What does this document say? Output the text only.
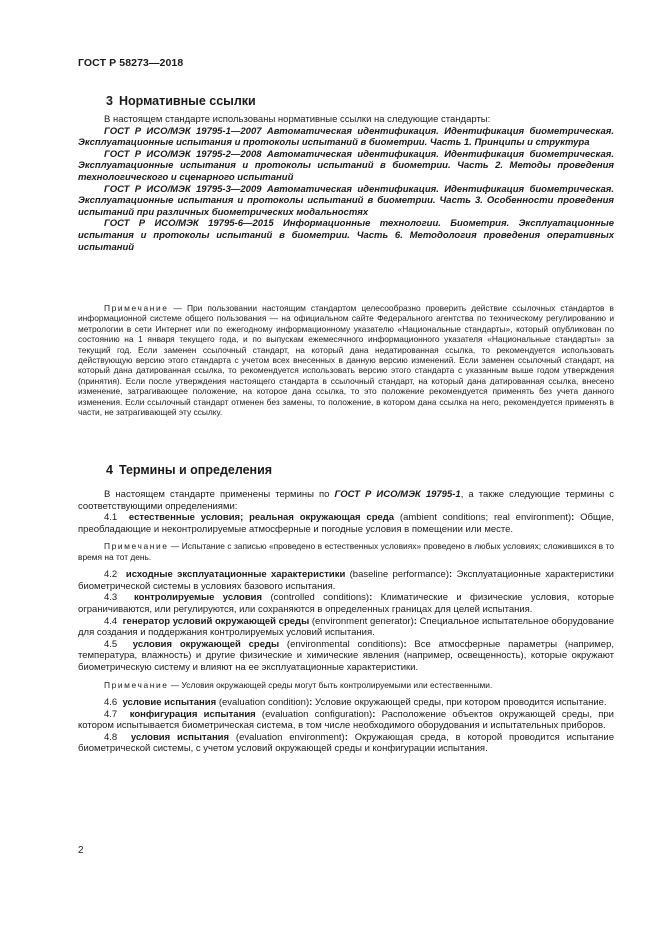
ГОСТ Р 58273—2018
3 Нормативные ссылки

В настоящем стандарте использованы нормативные ссылки на следующие стандарты:

ГОСТ Р ИСО/МЭК 19795-1—2007 Автоматическая идентификация. Идентификация биометрическая. Эксплуатационные испытания и протоколы испытаний в биометрии. Часть 1. Принципы и структура

ГОСТ Р ИСО/МЭК 19795-2—2008 Автоматическая идентификация. Идентификация биометрическая. Эксплуатационные испытания и протоколы испытаний в биометрии. Часть 2. Методы проведения технологического и сценарного испытаний

ГОСТ Р ИСО/МЭК 19795-3—2009 Автоматическая идентификация. Идентификация биометрическая. Эксплуатационные испытания и протоколы испытаний в биометрии. Часть 3. Особенности проведения испытаний при различных биометрических модальностях

ГОСТ Р ИСО/МЭК 19795-6—2015 Информационные технологии. Биометрия. Эксплуатационные испытания и протоколы испытаний в биометрии. Часть 6. Методология проведения оперативных испытаний

Примечание — При пользовании настоящим стандартом целесообразно проверить действие ссылочных стандартов в информационной системе общего пользования — на официальном сайте Федерального агентства по техническому регулированию и метрологии в сети Интернет или по ежегодному информационному указателю «Национальные стандарты», который опубликован по состоянию на 1 января текущего года, и по выпускам ежемесячного информационного указателя «Национальные стандарты» за текущий год. Если заменен ссылочный стандарт, на который дана недатированная ссылка, то рекомендуется использовать действующую версию этого стандарта с учетом всех внесенных в данную версию изменений. Если заменен ссылочный стандарт, на который дана датированная ссылка, то рекомендуется использовать версию этого стандарта с указанным выше годом утверждения (принятия). Если после утверждения настоящего стандарта в ссылочный стандарт, на который дана датированная ссылка, внесено изменение, затрагивающее положение, на которое дана ссылка, то это положение рекомендуется применять без учета данного изменения. Если ссылочный стандарт отменен без замены, то положение, в котором дана ссылка на него, рекомендуется применять в части, не затрагивающей эту ссылку.

4 Термины и определения

В настоящем стандарте применены термины по ГОСТ Р ИСО/МЭК 19795-1, а также следующие термины с соответствующими определениями:

4.1 естественные условия; реальная окружающая среда (ambient conditions; real environment): Общие, преобладающие и неконтролируемые атмосферные и погодные условия в помещении или месте.

Примечание — Испытание с записью «проведено в естественных условиях» проведено в любых условиях; сложившихся в то время на тот день.

4.2 исходные эксплуатационные характеристики (baseline performance): Эксплуатационные характеристики биометрической системы в условиях базового испытания.

4.3 контролируемые условия (controlled conditions): Климатические и физические условия, которые ограничиваются, или регулируются, или сохраняются в определенных границах для целей испытания.

4.4 генератор условий окружающей среды (environment generator): Специальное испытательное оборудование для создания и поддержания контролируемых условий испытания.

4.5 условия окружающей среды (environmental conditions): Все атмосферные параметры (например, температура, влажность) и другие физические и химические явления (например, освещенность), которые окружают биометрическую систему и влияют на ее эксплуатационные характеристики.

Примечание — Условия окружающей среды могут быть контролируемыми или естественными.

4.6 условие испытания (evaluation condition): Условие окружающей среды, при котором проводится испытание.

4.7 конфигурация испытания (evaluation configuration): Расположение объектов окружающей среды, при котором испытывается биометрическая система, в том числе необходимого оборудования и испытательных приборов.

4.8 условия испытания (evaluation environment): Окружающая среда, в которой проводится испытание биометрической системы, с учетом условий окружающей среды и конфигурации испытания.

2
